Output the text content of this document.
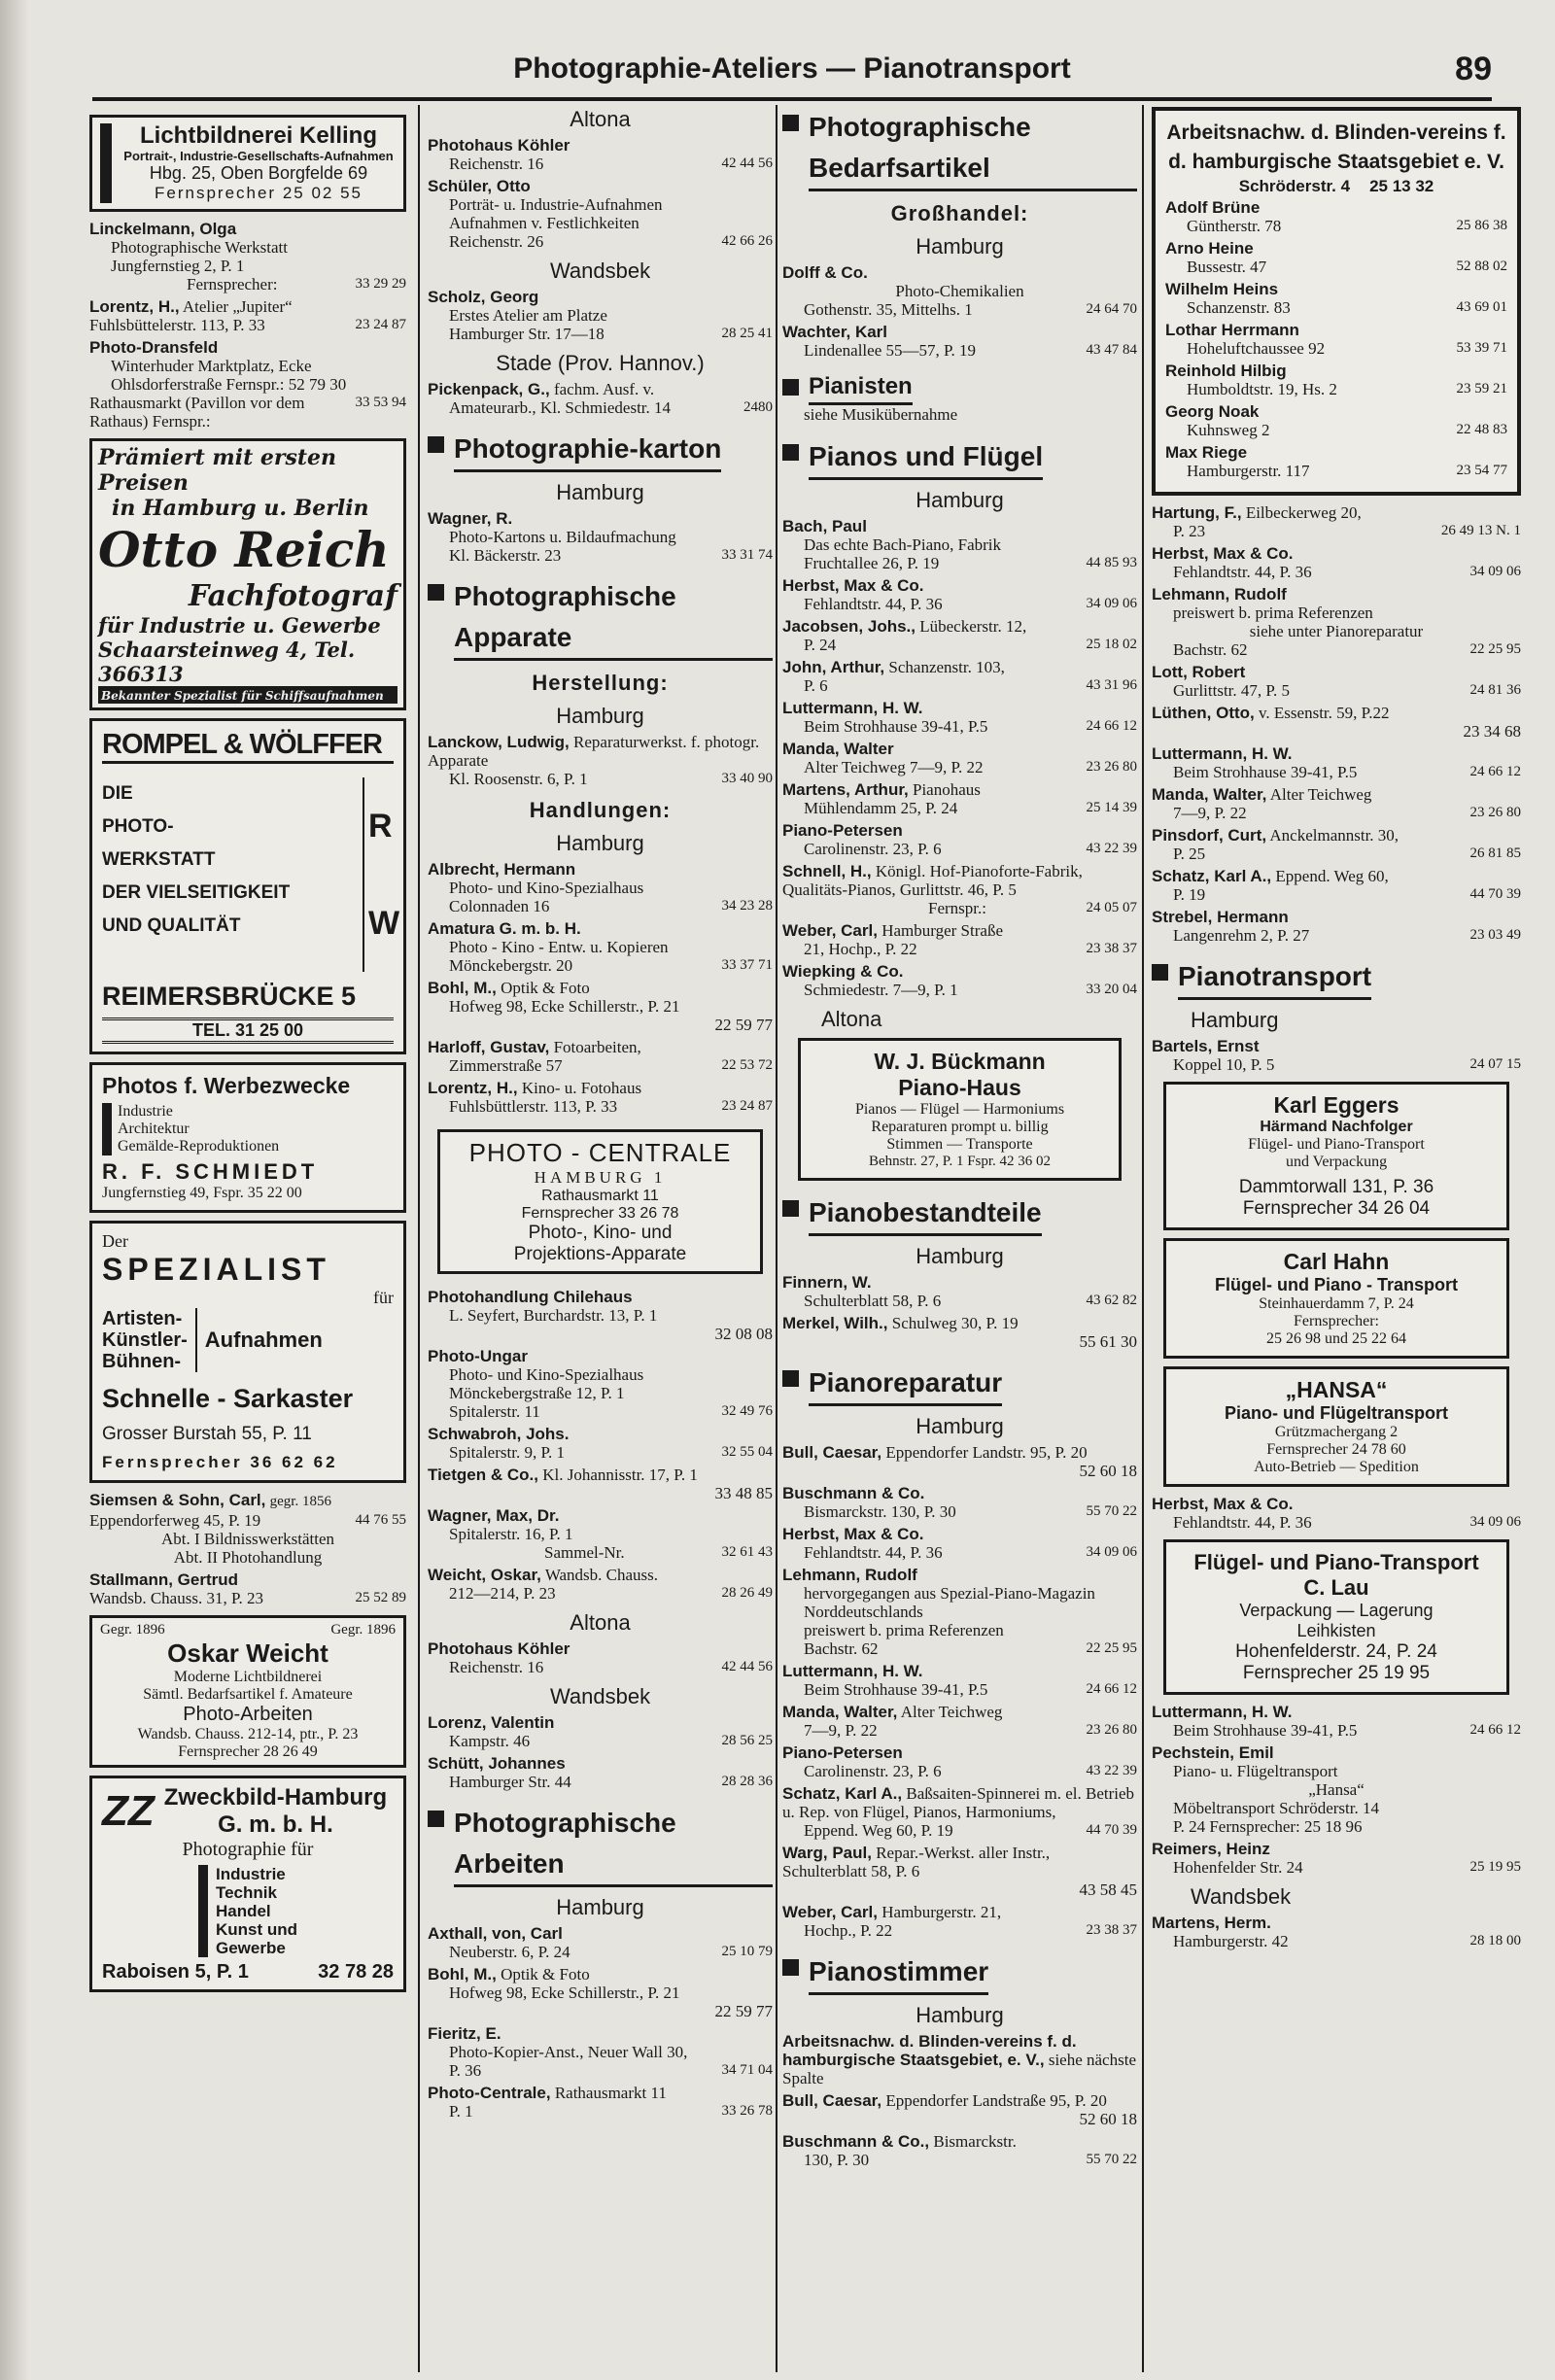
Photographie-Ateliers — Pianotransport	89
Lichtbildnerei Kelling
Portrait-, Industrie-Gesellschafts-Aufnahmen
Hbg. 25, Oben Borgfelde 69
Fernsprecher 25 02 55
Linckelmann, Olga
Photographische Werkstatt
Jungfernstieg 2, P. 1
Fernsprecher:	33 29 29
Lorentz, H., Atelier „Jupiter“
Fuhlsbüttelerstr. 113, P. 33	23 24 87
Photo-Dransfeld
Winterhuder Marktplatz, Ecke Ohlsdorferstraße Fernspr.: 52 79 30
Rathausmarkt (Pavillon vor dem Rathaus) Fernspr.:
33 53 94
Prämiert mit ersten Preisen
in Hamburg u. Berlin
Otto Reich
Fachfotograf
für Industrie u. Gewerbe
Schaarsteinweg 4, Tel. 366313
Bekannter Spezialist für Schiffsaufnahmen
ROMPEL & WÖLFFER
DIE
PHOTO-
WERKSTATT
DER VIELSEITIGKEIT
UND QUALITÄT
R W
REIMERSBRÜCKE 5
TEL. 31 25 00
Photos f. Werbezwecke
Industrie
Architektur
Gemälde-Reproduktionen
R. F. SCHMIEDT
Jungfernstieg 49, Fspr. 35 22 00
Der
SPEZIALIST
für
Artisten-
Künstler-
Bühnen-
Aufnahmen
Schnelle - Sarkaster
Grosser Burstah 55, P. 11
Fernsprecher 36 62 62
Siemsen & Sohn, Carl, gegr. 1856
Eppendorferweg 45, P. 19	44 76 55
Abt. I Bildnisswerkstätten
Abt. II Photohandlung
Stallmann, Gertrud
Wandsb. Chauss. 31, P. 23	25 52 89
Gegr. 1896	Gegr. 1896
Oskar Weicht
Moderne Lichtbildnerei
Sämtl. Bedarfsartikel f. Amateure
Photo-Arbeiten
Wandsb. Chauss. 212-14, ptr., P. 23
Fernsprecher 28 26 49
ZZ Zweckbild-Hamburg
G. m. b. H.
Photographie für
Industrie
Technik
Handel
Kunst und
Gewerbe
Raboisen 5, P. 1	32 78 28
Altona
Photohaus Köhler
Reichenstr. 16	42 44 56
Schüler, Otto
Porträt- u. Industrie-Aufnahmen
Aufnahmen v. Festlichkeiten
Reichenstr. 26	42 66 26
Wandsbek
Scholz, Georg
Erstes Atelier am Platze
Hamburger Str. 17—18	28 25 41
Stade (Prov. Hannov.)
Pickenpack, G., fachm. Ausf. v.
Amateurarb., Kl. Schmiedestr. 14	2480
Photographie-karton
Hamburg
Wagner, R.
Photo-Kartons u. Bildaufmachung
Kl. Bäckerstr. 23	33 31 74
Photographische Apparate
Herstellung:
Hamburg
Lanckow, Ludwig, Reparaturwerkst. f. photogr. Apparate
Kl. Roosenstr. 6, P. 1	33 40 90
Handlungen:
Hamburg
Albrecht, Hermann
Photo- und Kino-Spezialhaus
Colonnaden 16	34 23 28
Amatura G. m. b. H.
Photo - Kino - Entw. u. Kopieren
Mönckebergstr. 20	33 37 71
Bohl, M., Optik & Foto
Hofweg 98, Ecke Schillerstr., P. 21
22 59 77
Harloff, Gustav, Fotoarbeiten,
Zimmerstraße 57	22 53 72
Lorentz, H., Kino- u. Fotohaus
Fuhlsbüttlerstr. 113, P. 33	23 24 87
PHOTO - CENTRALE
HAMBURG 1
Rathausmarkt 11
Fernsprecher 33 26 78
Photo-, Kino- und
Projektions-Apparate
Photohandlung Chilehaus
L. Seyfert, Burchardstr. 13, P. 1
32 08 08
Photo-Ungar
Photo- und Kino-Spezialhaus
Mönckebergstraße 12, P. 1
Spitalerstr. 11	32 49 76
Schwabroh, Johs.
Spitalerstr. 9, P. 1	32 55 04
Tietgen & Co., Kl. Johannisstr. 17, P. 1
33 48 85
Wagner, Max, Dr.
Spitalerstr. 16, P. 1
Sammel-Nr.	32 61 43
Weicht, Oskar, Wandsb. Chauss.
212—214, P. 23	28 26 49
Altona
Photohaus Köhler
Reichenstr. 16	42 44 56
Wandsbek
Lorenz, Valentin
Kampstr. 46	28 56 25
Schütt, Johannes
Hamburger Str. 44	28 28 36
Photographische Arbeiten
Hamburg
Axthall, von, Carl
Neuberstr. 6, P. 24	25 10 79
Bohl, M., Optik & Foto
Hofweg 98, Ecke Schillerstr., P. 21
22 59 77
Fieritz, E.
Photo-Kopier-Anst., Neuer Wall 30,
P. 36	34 71 04
Photo-Centrale, Rathausmarkt 11
P. 1	33 26 78
Photographische Bedarfsartikel
Großhandel:
Hamburg
Dolff & Co.
Photo-Chemikalien
Gothenstr. 35, Mittelhs. 1	24 64 70
Wachter, Karl
Lindenallee 55—57, P. 19	43 47 84
Pianisten
siehe Musikübernahme
Pianos und Flügel
Hamburg
Bach, Paul
Das echte Bach-Piano, Fabrik
Fruchtallee 26, P. 19	44 85 93
Herbst, Max & Co.
Fehlandtstr. 44, P. 36	34 09 06
Jacobsen, Johs., Lübeckerstr. 12,
P. 24	25 18 02
John, Arthur, Schanzenstr. 103,
P. 6	43 31 96
Luttermann, H. W.
Beim Strohhause 39-41, P.5	24 66 12
Manda, Walter
Alter Teichweg 7—9, P. 22	23 26 80
Martens, Arthur, Pianohaus
Mühlendamm 25, P. 24	25 14 39
Piano-Petersen
Carolinenstr. 23, P. 6	43 22 39
Schnell, H., Königl. Hof-Pianoforte-Fabrik, Qualitäts-Pianos, Gurlittstr. 46, P. 5
Fernspr.:	24 05 07
Weber, Carl, Hamburger Straße
21, Hochp., P. 22	23 38 37
Wiepking & Co.
Schmiedestr. 7—9, P. 1	33 20 04
Altona
W. J. Bückmann
Piano-Haus
Pianos — Flügel — Harmoniums
Reparaturen prompt u. billig
Stimmen — Transporte
Behnstr. 27, P. 1 Fspr. 42 36 02
Pianobestandteile
Hamburg
Finnern, W.
Schulterblatt 58, P. 6	43 62 82
Merkel, Wilh., Schulweg 30, P. 19
55 61 30
Pianoreparatur
Hamburg
Bull, Caesar, Eppendorfer Landstr. 95, P. 20
52 60 18
Buschmann & Co.
Bismarckstr. 130, P. 30	55 70 22
Herbst, Max & Co.
Fehlandtstr. 44, P. 36	34 09 06
Lehmann, Rudolf
hervorgegangen aus Spezial-Piano-Magazin Norddeutschlands
preiswert b. prima Referenzen
Bachstr. 62	22 25 95
Luttermann, H. W.
Beim Strohhause 39-41, P.5	24 66 12
Manda, Walter, Alter Teichweg
7—9, P. 22	23 26 80
Piano-Petersen
Carolinenstr. 23, P. 6	43 22 39
Schatz, Karl A., Baßsaiten-Spinnerei m. el. Betrieb u. Rep. von Flügel, Pianos, Harmoniums,
Eppend. Weg 60, P. 19	44 70 39
Warg, Paul, Repar.-Werkst. aller Instr., Schulterblatt 58, P. 6
43 58 45
Weber, Carl, Hamburgerstr. 21,
Hochp., P. 22	23 38 37
Pianostimmer
Hamburg
Arbeitsnachw. d. Blinden-vereins f. d. hamburgische Staatsgebiet, e. V., siehe nächste Spalte
Bull, Caesar, Eppendorfer Landstraße 95, P. 20
52 60 18
Buschmann & Co., Bismarckstr.
130, P. 30	55 70 22
Arbeitsnachw. d. Blinden-vereins f. d. hamburgische Staatsgebiet e. V.
Schröderstr. 4 25 13 32
Adolf Brüne
Güntherstr. 78	25 86 38
Arno Heine
Bussestr. 47	52 88 02
Wilhelm Heins
Schanzenstr. 83	43 69 01
Lothar Herrmann
Hoheluftchaussee 92	53 39 71
Reinhold Hilbig
Humboldtstr. 19, Hs. 2	23 59 21
Georg Noak
Kuhnsweg 2	22 48 83
Max Riege
Hamburgerstr. 117	23 54 77
Hartung, F., Eilbeckerweg 20,
P. 23	26 49 13 N. 1
Herbst, Max & Co.
Fehlandtstr. 44, P. 36	34 09 06
Lehmann, Rudolf
preiswert b. prima Referenzen
siehe unter Pianoreparatur
Bachstr. 62	22 25 95
Lott, Robert
Gurlittstr. 47, P. 5	24 81 36
Lüthen, Otto, v. Essenstr. 59, P.22
23 34 68
Luttermann, H. W.
Beim Strohhause 39-41, P.5	24 66 12
Manda, Walter, Alter Teichweg
7—9, P. 22	23 26 80
Pinsdorf, Curt, Anckelmannstr. 30,
P. 25	26 81 85
Schatz, Karl A., Eppend. Weg 60,
P. 19	44 70 39
Strebel, Hermann
Langenrehm 2, P. 27	23 03 49
Pianotransport
Hamburg
Bartels, Ernst
Koppel 10, P. 5	24 07 15
Karl Eggers
Härmand Nachfolger
Flügel- und Piano-Transport
und Verpackung
Dammtorwall 131, P. 36
Fernsprecher 34 26 04
Carl Hahn
Flügel- und Piano - Transport
Steinhauerdamm 7, P. 24
Fernsprecher:
25 26 98 und 25 22 64
„HANSA“
Piano- und Flügeltransport
Grützmachergang 2
Fernsprecher 24 78 60
Auto-Betrieb — Spedition
Herbst, Max & Co.
Fehlandtstr. 44, P. 36	34 09 06
Flügel- und Piano-Transport
C. Lau
Verpackung — Lagerung
Leihkisten
Hohenfelderstr. 24, P. 24
Fernsprecher 25 19 95
Luttermann, H. W.
Beim Strohhause 39-41, P.5	24 66 12
Pechstein, Emil
Piano- u. Flügeltransport
„Hansa“
Möbeltransport Schröderstr. 14
P. 24 Fernsprecher: 25 18 96
Reimers, Heinz
Hohenfelder Str. 24	25 19 95
Wandsbek
Martens, Herm.
Hamburgerstr. 42	28 18 00
